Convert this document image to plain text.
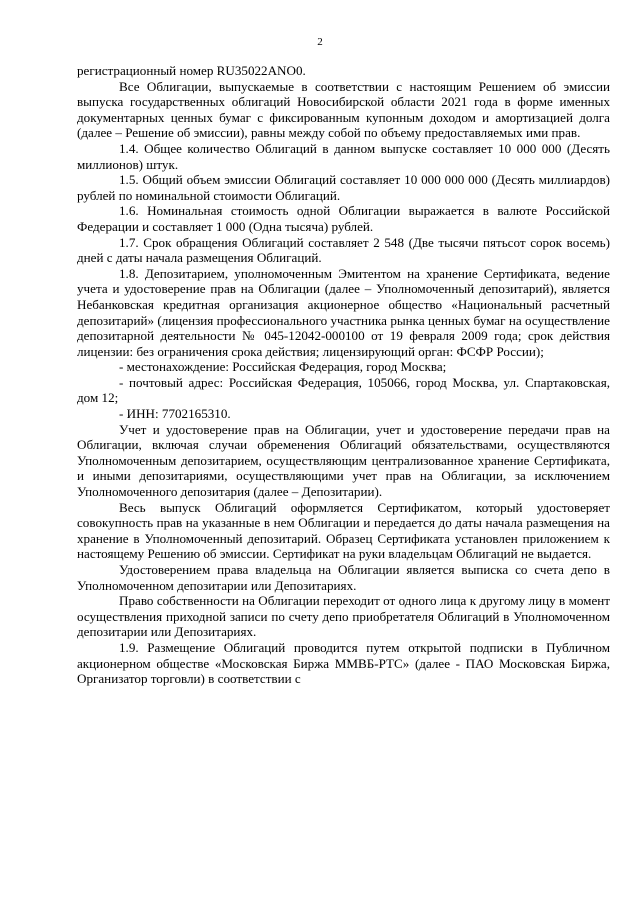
2

регистрационный номер RU35022ANO0.

Все Облигации, выпускаемые в соответствии с настоящим Решением об эмиссии выпуска государственных облигаций Новосибирской области 2021 года в форме именных документарных ценных бумаг с фиксированным купонным доходом и амортизацией долга (далее – Решение об эмиссии), равны между собой по объему предоставляемых ими прав.

1.4. Общее количество Облигаций в данном выпуске составляет 10 000 000 (Десять миллионов) штук.

1.5. Общий объем эмиссии Облигаций составляет 10 000 000 000 (Десять миллиардов) рублей по номинальной стоимости Облигаций.

1.6. Номинальная стоимость одной Облигации выражается в валюте Российской Федерации и составляет 1 000 (Одна тысяча) рублей.

1.7. Срок обращения Облигаций составляет 2 548 (Две тысячи пятьсот сорок восемь) дней с даты начала размещения Облигаций.

1.8. Депозитарием, уполномоченным Эмитентом на хранение Сертификата, ведение учета и удостоверение прав на Облигации (далее – Уполномоченный депозитарий), является Небанковская кредитная организация акционерное общество «Национальный расчетный депозитарий» (лицензия профессионального участника рынка ценных бумаг на осуществление депозитарной деятельности № 045-12042-000100 от 19 февраля 2009 года; срок действия лицензии: без ограничения срока действия; лицензирующий орган: ФСФР России);

- местонахождение: Российская Федерация, город Москва;

- почтовый адрес: Российская Федерация, 105066, город Москва, ул. Спартаковская, дом 12;

- ИНН: 7702165310.

Учет и удостоверение прав на Облигации, учет и удостоверение передачи прав на Облигации, включая случаи обременения Облигаций обязательствами, осуществляются Уполномоченным депозитарием, осуществляющим централизованное хранение Сертификата, и иными депозитариями, осуществляющими учет прав на Облигации, за исключением Уполномоченного депозитария (далее – Депозитарии).

Весь выпуск Облигаций оформляется Сертификатом, который удостоверяет совокупность прав на указанные в нем Облигации и передается до даты начала размещения на хранение в Уполномоченный депозитарий. Образец Сертификата установлен приложением к настоящему Решению об эмиссии. Сертификат на руки владельцам Облигаций не выдается.

Удостоверением права владельца на Облигации является выписка со счета депо в Уполномоченном депозитарии или Депозитариях.

Право собственности на Облигации переходит от одного лица к другому лицу в момент осуществления приходной записи по счету депо приобретателя Облигаций в Уполномоченном депозитарии или Депозитариях.

1.9. Размещение Облигаций проводится путем открытой подписки в Публичном акционерном обществе «Московская Биржа ММВБ-РТС» (далее - ПАО Московская Биржа, Организатор торговли) в соответствии с
